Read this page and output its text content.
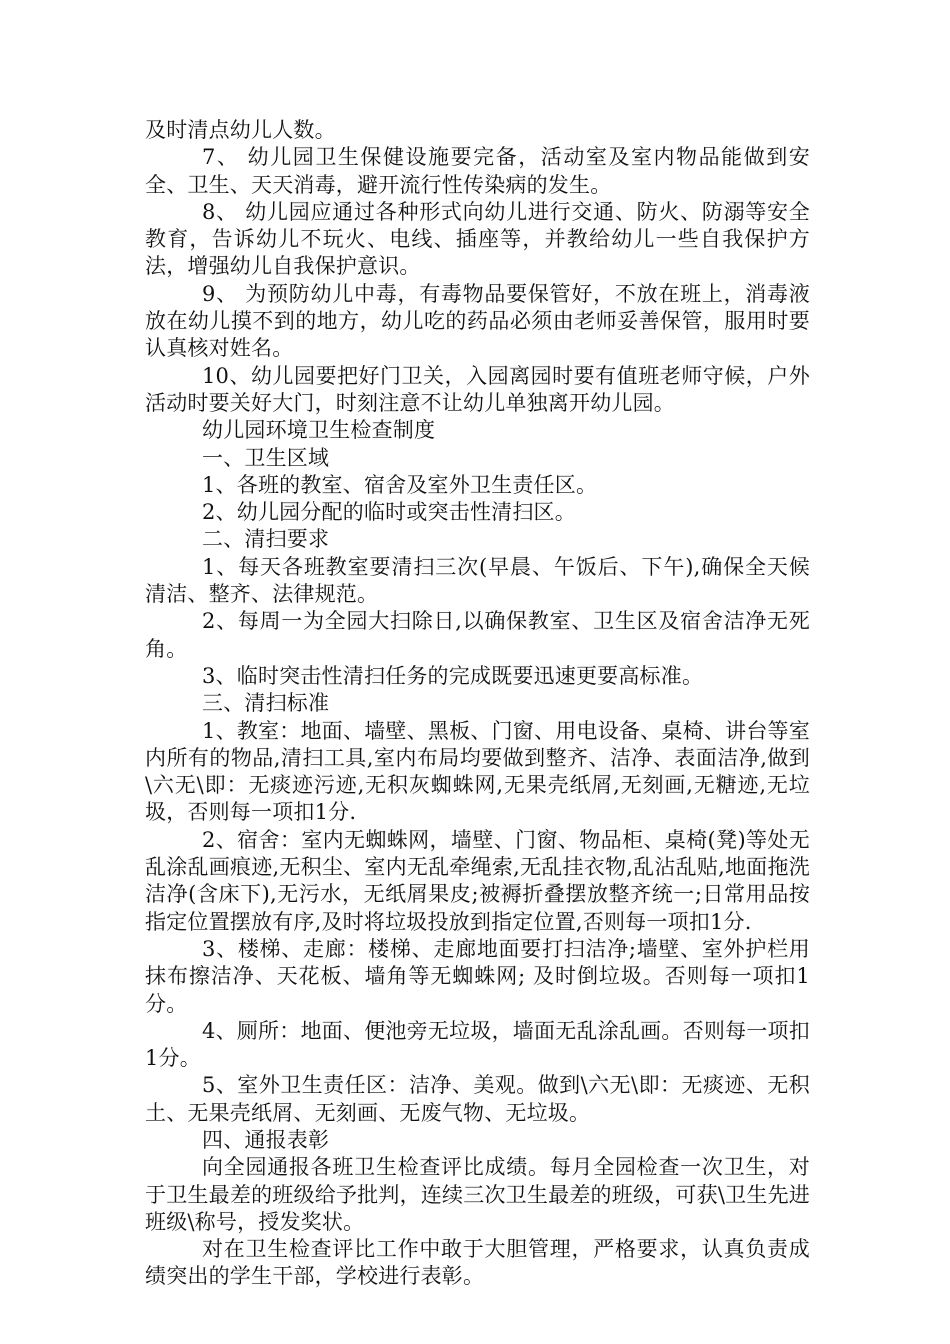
及时清点幼儿人数。

7、 幼儿园卫生保健设施要完备，活动室及室内物品能做到安全、卫生、天天消毒，避开流行性传染病的发生。

8、 幼儿园应通过各种形式向幼儿进行交通、防火、防溺等安全教育，告诉幼儿不玩火、电线、插座等，并教给幼儿一些自我保护方法，增强幼儿自我保护意识。

9、 为预防幼儿中毒，有毒物品要保管好，不放在班上，消毒液放在幼儿摸不到的地方，幼儿吃的药品必须由老师妥善保管，服用时要认真核对姓名。

10、幼儿园要把好门卫关，入园离园时要有值班老师守候，户外活动时要关好大门，时刻注意不让幼儿单独离开幼儿园。

幼儿园环境卫生检查制度

一、卫生区域

1、各班的教室、宿舍及室外卫生责任区。

2、幼儿园分配的临时或突击性清扫区。

二、清扫要求

1、每天各班教室要清扫三次(早晨、午饭后、下午),确保全天候清洁、整齐、法律规范。

2、每周一为全园大扫除日,以确保教室、卫生区及宿舍洁净无死角。

3、临时突击性清扫任务的完成既要迅速更要高标准。

三、清扫标准

1、教室：地面、墙壁、黑板、门窗、用电设备、桌椅、讲台等室内所有的物品,清扫工具,室内布局均要做到整齐、洁净、表面洁净,做到\六无\即：无痰迹污迹,无积灰蜘蛛网,无果壳纸屑,无刻画,无糖迹,无垃圾，否则每一项扣1分.

2、宿舍：室内无蜘蛛网，墙壁、门窗、物品柜、桌椅(凳)等处无乱涂乱画痕迹,无积尘、室内无乱牵绳索,无乱挂衣物,乱沾乱贴,地面拖洗洁净(含床下),无污水，无纸屑果皮;被褥折叠摆放整齐统一;日常用品按指定位置摆放有序,及时将垃圾投放到指定位置,否则每一项扣1分.

3、楼梯、走廊：楼梯、走廊地面要打扫洁净;墙壁、室外护栏用抹布擦洁净、天花板、墙角等无蜘蛛网; 及时倒垃圾。否则每一项扣1分。

4、厕所：地面、便池旁无垃圾，墙面无乱涂乱画。否则每一项扣1分。

5、室外卫生责任区：洁净、美观。做到\六无\即：无痰迹、无积土、无果壳纸屑、无刻画、无废气物、无垃圾。

四、通报表彰

向全园通报各班卫生检查评比成绩。每月全园检查一次卫生，对于卫生最差的班级给予批判，连续三次卫生最差的班级，可获\卫生先进班级\称号，授发奖状。

对在卫生检查评比工作中敢于大胆管理，严格要求，认真负责成绩突出的学生干部，学校进行表彰。
